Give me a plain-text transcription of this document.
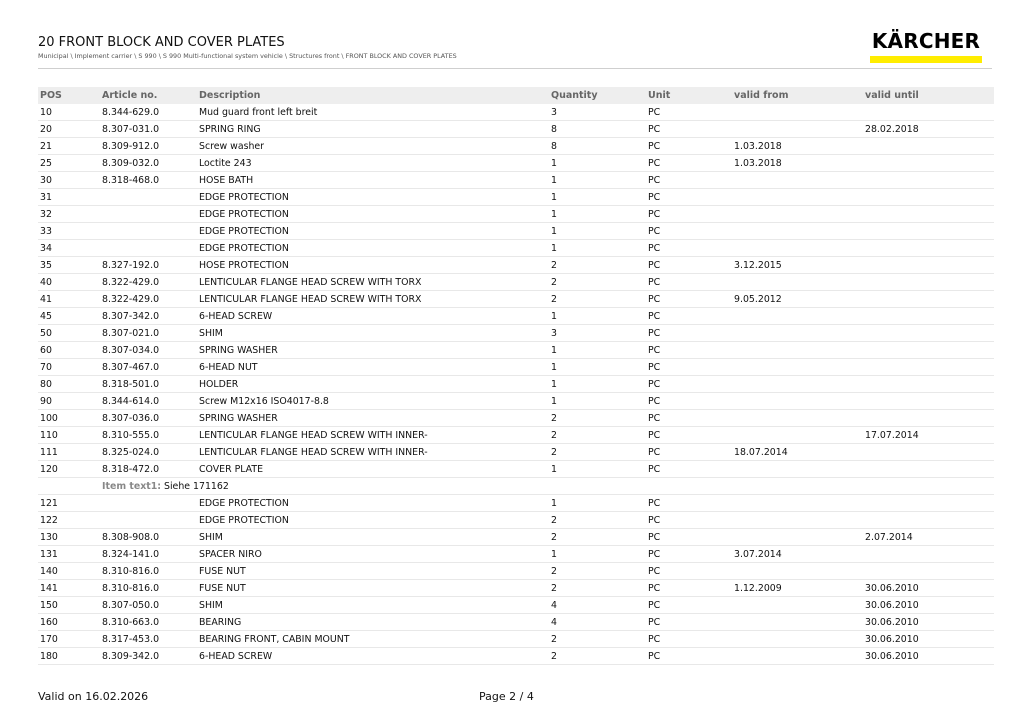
20 FRONT BLOCK AND COVER PLATES
Municipal \ Implement carrier \ S 990 \ S 990 Multi-functional system vehicle \ Structures front \ FRONT BLOCK AND COVER PLATES
KÄRCHER
POS	Article no.	Description	Quantity	Unit	valid from	valid until
10	8.344-629.0	Mud guard front left breit	3	PC		
20	8.307-031.0	SPRING RING	8	PC		28.02.2018
21	8.309-912.0	Screw washer	8	PC	1.03.2018	
25	8.309-032.0	Loctite 243	1	PC	1.03.2018	
30	8.318-468.0	HOSE BATH	1	PC		
31		EDGE PROTECTION	1	PC		
32		EDGE PROTECTION	1	PC		
33		EDGE PROTECTION	1	PC		
34		EDGE PROTECTION	1	PC		
35	8.327-192.0	HOSE PROTECTION	2	PC	3.12.2015	
40	8.322-429.0	LENTICULAR FLANGE HEAD SCREW WITH TORX	2	PC		
41	8.322-429.0	LENTICULAR FLANGE HEAD SCREW WITH TORX	2	PC	9.05.2012	
45	8.307-342.0	6-HEAD SCREW	1	PC		
50	8.307-021.0	SHIM	3	PC		
60	8.307-034.0	SPRING WASHER	1	PC		
70	8.307-467.0	6-HEAD NUT	1	PC		
80	8.318-501.0	HOLDER	1	PC		
90	8.344-614.0	Screw M12x16 ISO4017-8.8	1	PC		
100	8.307-036.0	SPRING WASHER	2	PC		
110	8.310-555.0	LENTICULAR FLANGE HEAD SCREW WITH INNER-	2	PC		17.07.2014
111	8.325-024.0	LENTICULAR FLANGE HEAD SCREW WITH INNER-	2	PC	18.07.2014	
120	8.318-472.0	COVER PLATE	1	PC		
	Item text1: Siehe 171162					
121		EDGE PROTECTION	1	PC		
122		EDGE PROTECTION	2	PC		
130	8.308-908.0	SHIM	2	PC		2.07.2014
131	8.324-141.0	SPACER NIRO	1	PC	3.07.2014	
140	8.310-816.0	FUSE NUT	2	PC		
141	8.310-816.0	FUSE NUT	2	PC	1.12.2009	30.06.2010
150	8.307-050.0	SHIM	4	PC		30.06.2010
160	8.310-663.0	BEARING	4	PC		30.06.2010
170	8.317-453.0	BEARING FRONT, CABIN MOUNT	2	PC		30.06.2010
180	8.309-342.0	6-HEAD SCREW	2	PC		30.06.2010
Valid on 16.02.2026	Page 2 / 4
